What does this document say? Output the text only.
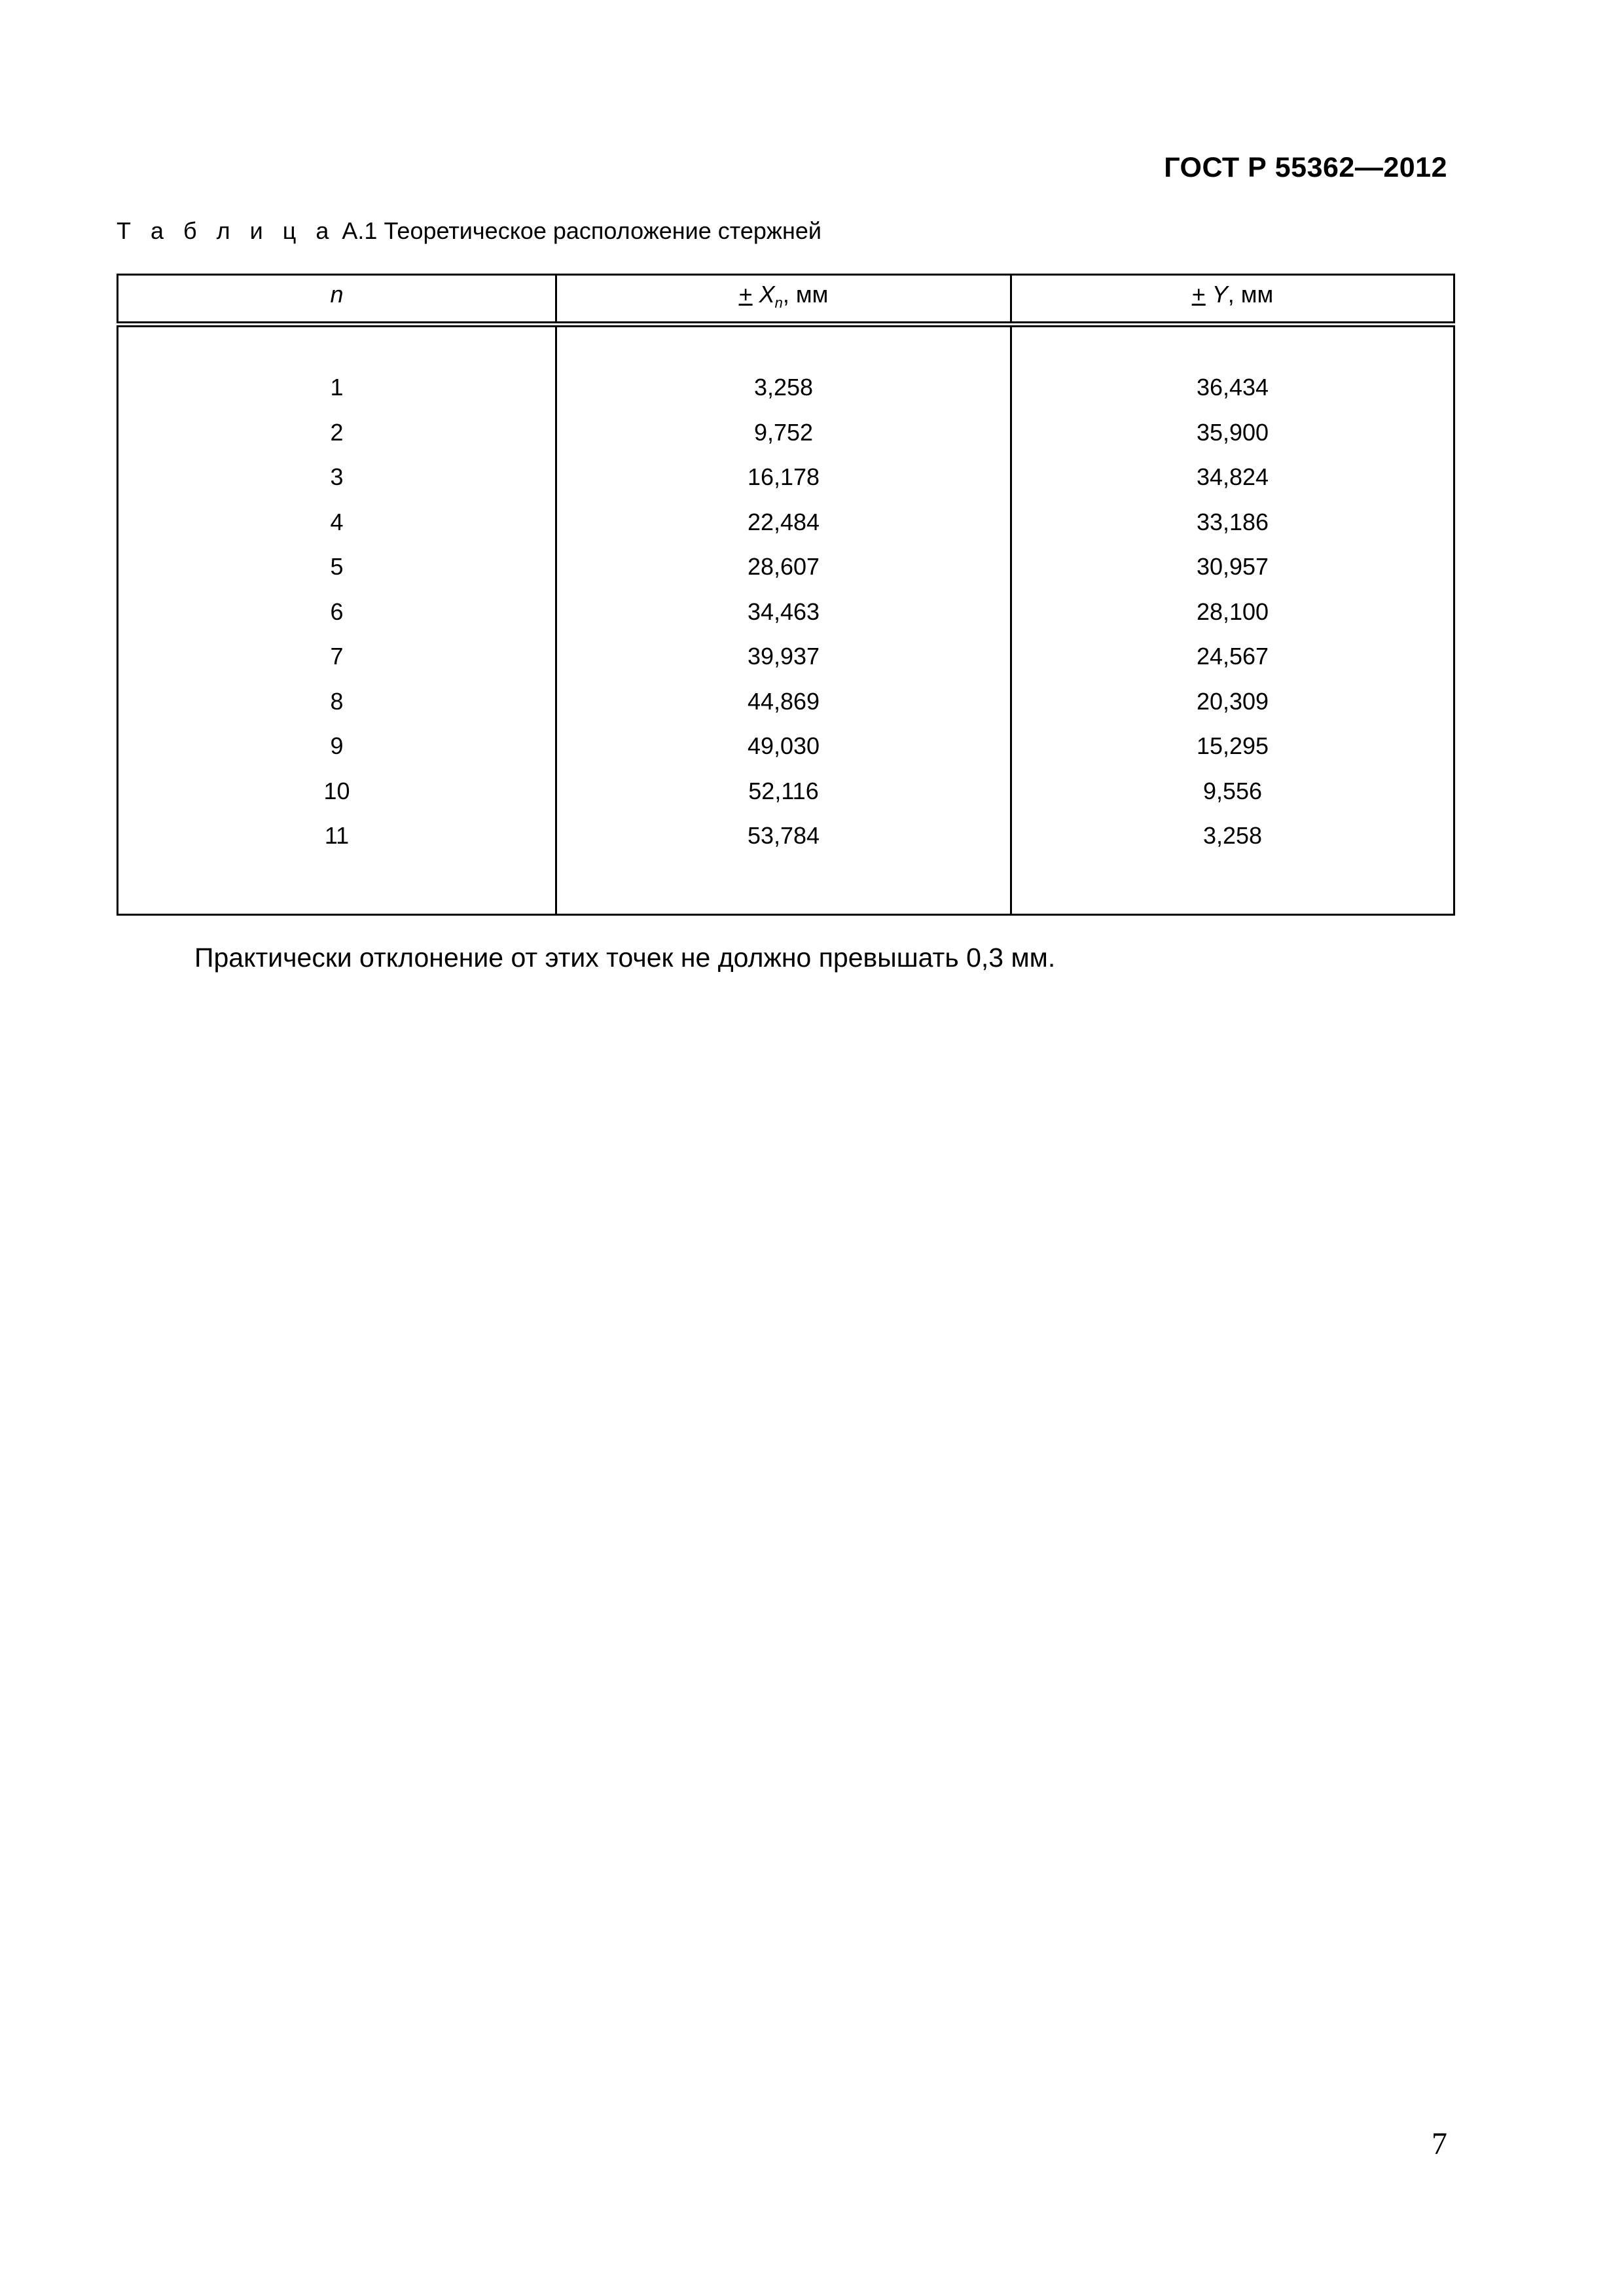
ГОСТ Р 55362—2012
Т а б л и ц а А.1 Теоретическое расположение стержней
n	+ $X_n$, мм	+ Y, мм

1	3,258	36,434
2	9,752	35,900
3	16,178	34,824
4	22,484	33,186
5	28,607	30,957
6	34,463	28,100
7	39,937	24,567
8	44,869	20,309
9	49,030	15,295
10	52,116	9,556
11	53,784	3,258

Практически отклонение от этих точек не должно превышать 0,3 мм.
7
